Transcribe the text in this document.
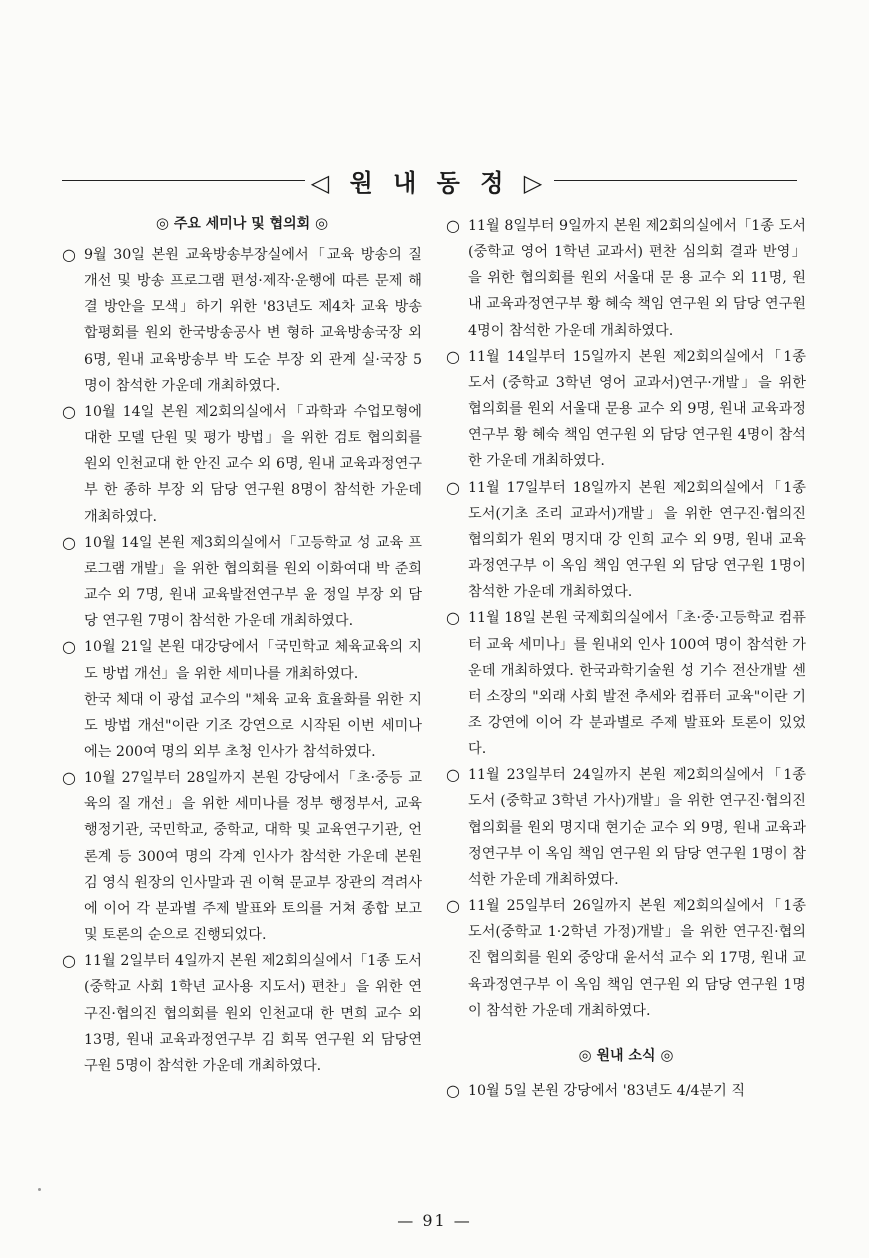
◁ 원 내 동 정 ▷
◎ 주요 세미나 및 협의회 ◎
○ 9월 30일 본원 교육방송부장실에서「교육 방송의 질 개선 및 방송 프로그램 편성·제작·운행에 따른 문제 해결 방안을 모색」하기 위한 '83년도 제4차 교육 방송 합평회를 원외 한국방송공사 변 형하 교육방송국장 외 6명, 원내 교육방송부 박 도순 부장 외 관계 실·국장 5명이 참석한 가운데 개최하였다.

○ 10월 14일 본원 제2회의실에서「과학과 수업모형에 대한 모델 단원 및 평가 방법」을 위한 검토 협의회를 원외 인천교대 한 안진 교수 외 6명, 원내 교육과정연구부 한 종하 부장 외 담당 연구원 8명이 참석한 가운데 개최하였다.

○ 10월 14일 본원 제3회의실에서「고등학교 성 교육 프로그램 개발」을 위한 협의회를 원외 이화여대 박 준희 교수 외 7명, 원내 교육발전연구부 윤 정일 부장 외 담당 연구원 7명이 참석한 가운데 개최하였다.

○ 10월 21일 본원 대강당에서「국민학교 체육교육의 지도 방법 개선」을 위한 세미나를 개최하였다.

한국 체대 이 광섭 교수의 "체육 교육 효율화를 위한 지도 방법 개선"이란 기조 강연으로 시작된 이번 세미나에는 200여 명의 외부 초청 인사가 참석하였다.

○ 10월 27일부터 28일까지 본원 강당에서「초·중등 교육의 질 개선」을 위한 세미나를 정부 행정부서, 교육행정기관, 국민학교, 중학교, 대학 및 교육연구기관, 언론계 등 300여 명의 각계 인사가 참석한 가운데 본원 김 영식 원장의 인사말과 권 이혁 문교부 장관의 격려사에 이어 각 분과별 주제 발표와 토의를 거쳐 종합 보고 및 토론의 순으로 진행되었다.

○ 11월 2일부터 4일까지 본원 제2회의실에서「1종 도서(중학교 사회 1학년 교사용 지도서) 편찬」을 위한 연구진·협의진 협의회를 원외 인천교대 한 면희 교수 외 13명, 원내 교육과정연구부 김 회목 연구원 외 담당연구원 5명이 참석한 가운데 개최하였다.

○ 11월 8일부터 9일까지 본원 제2회의실에서「1종 도서(중학교 영어 1학년 교과서) 편찬 심의회 결과 반영」을 위한 협의회를 원외 서울대 문 용 교수 외 11명, 원내 교육과정연구부 황 혜숙 책임 연구원 외 담당 연구원 4명이 참석한 가운데 개최하였다.

○ 11월 14일부터 15일까지 본원 제2회의실에서「1종 도서 (중학교 3학년 영어 교과서)연구·개발」을 위한 협의회를 원외 서울대 문용 교수 외 9명, 원내 교육과정연구부 황 혜숙 책임 연구원 외 담당 연구원 4명이 참석한 가운데 개최하였다.

○ 11월 17일부터 18일까지 본원 제2회의실에서「1종 도서(기초 조리 교과서)개발」을 위한 연구진·협의진 협의회가 원외 명지대 강 인희 교수 외 9명, 원내 교육과정연구부 이 옥임 책임 연구원 외 담당 연구원 1명이 참석한 가운데 개최하였다.

○ 11월 18일 본원 국제회의실에서「초·중·고등학교 컴퓨터 교육 세미나」를 원내외 인사 100여 명이 참석한 가운데 개최하였다. 한국과학기술원 성 기수 전산개발 센터 소장의 "외래 사회 발전 추세와 컴퓨터 교육"이란 기조 강연에 이어 각 분과별로 주제 발표와 토론이 있었다.

○ 11월 23일부터 24일까지 본원 제2회의실에서「1종 도서 (중학교 3학년 가사)개발」을 위한 연구진·협의진 협의회를 원외 명지대 현기순 교수 외 9명, 원내 교육과정연구부 이 옥임 책임 연구원 외 담당 연구원 1명이 참석한 가운데 개최하였다.

○ 11월 25일부터 26일까지 본원 제2회의실에서「1종 도서(중학교 1·2학년 가정)개발」을 위한 연구진·협의진 협의회를 원외 중앙대 윤서석 교수 외 17명, 원내 교육과정연구부 이 옥임 책임 연구원 외 담당 연구원 1명이 참석한 가운데 개최하였다.

◎ 원내 소식 ◎
○ 10월 5일 본원 강당에서 '83년도 4/4분기 직

— 91 —
